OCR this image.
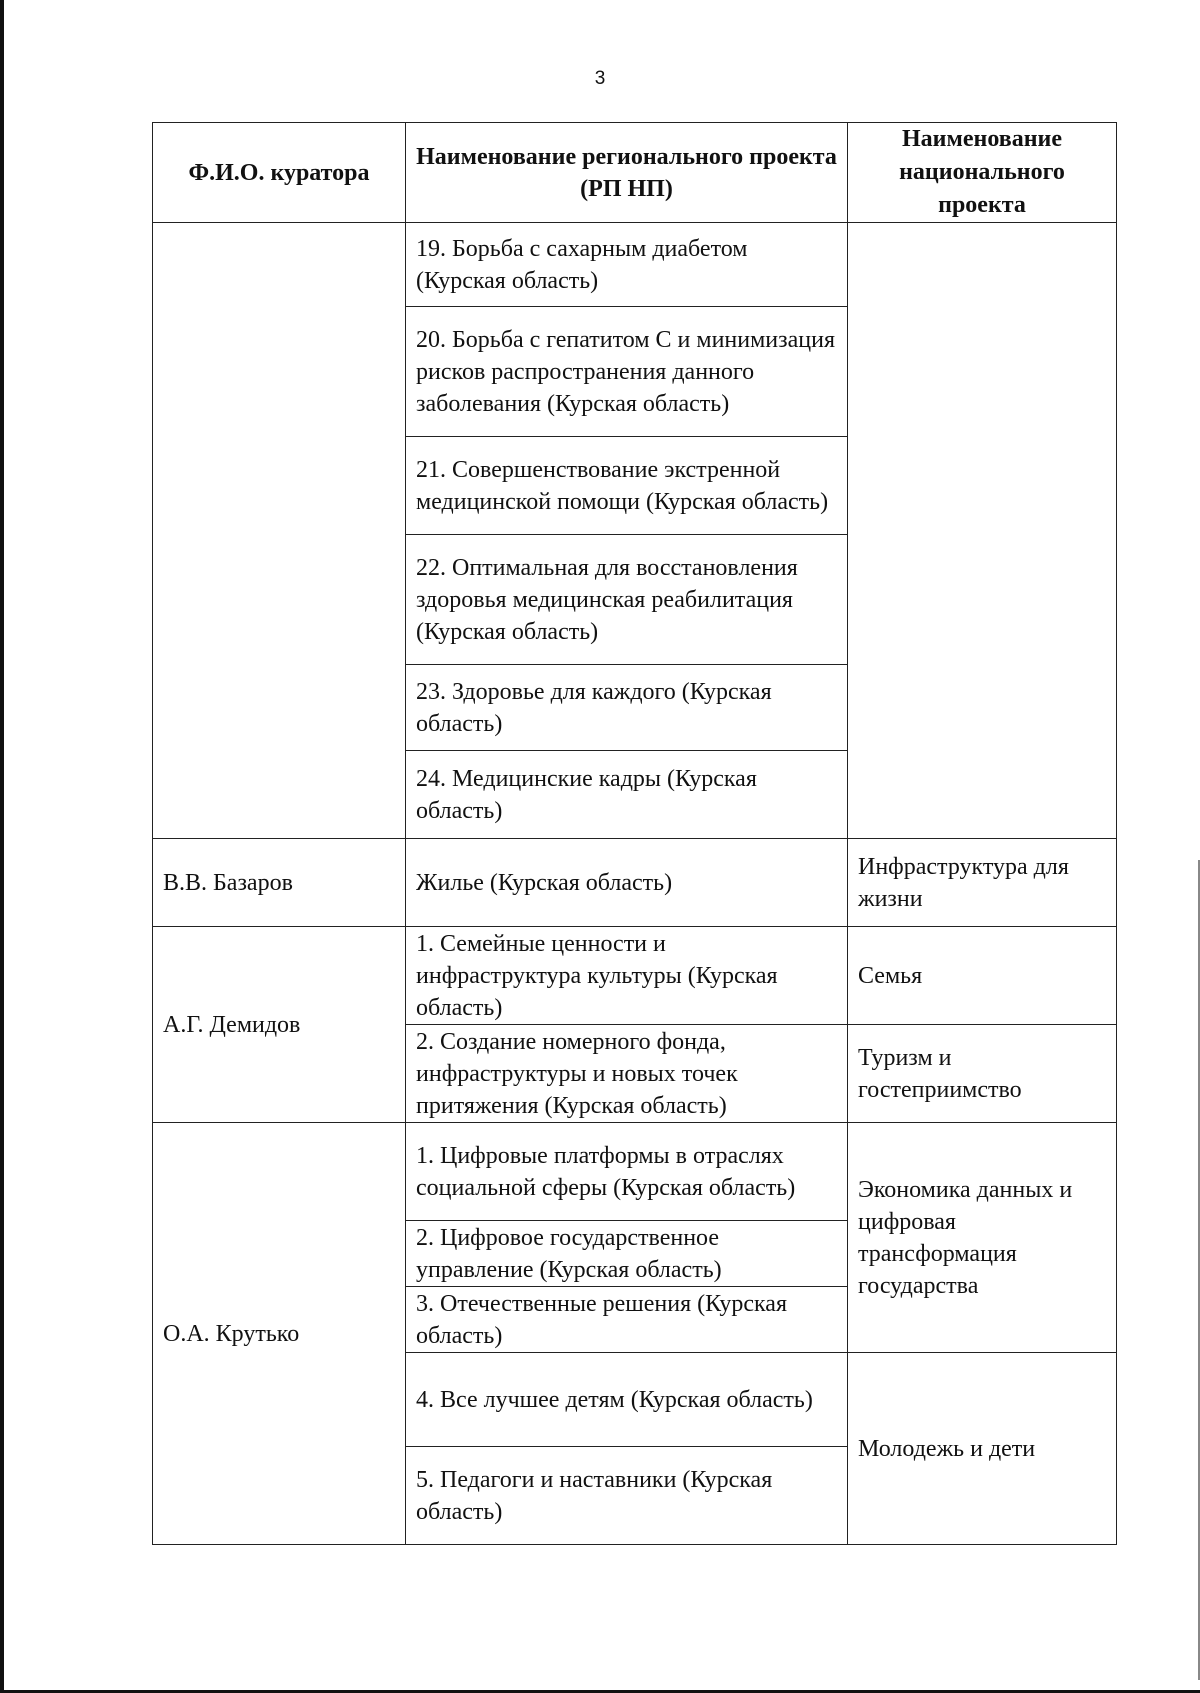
3
Ф.И.О. куратора	Наименование регионального проекта (РП НП)	Наименование национального проекта
	19. Борьба с сахарным диабетом (Курская область)	
	20. Борьба с гепатитом С и минимизация рисков распространения данного заболевания (Курская область)	
	21. Совершенствование экстренной медицинской помощи (Курская область)	
	22. Оптимальная для восстановления здоровья медицинская реабилитация (Курская область)	
	23. Здоровье для каждого (Курская область)	
	24. Медицинские кадры (Курская область)	
В.В. Базаров	Жилье (Курская область)	Инфраструктура для жизни
А.Г. Демидов	1. Семейные ценности и инфраструктура культуры (Курская область)	Семья
	2. Создание номерного фонда, инфраструктуры и новых точек притяжения (Курская область)	Туризм и гостеприимство
О.А. Крутько	1. Цифровые платформы в отраслях социальной сферы (Курская область)	Экономика данных и цифровая трансформация государства
	2. Цифровое государственное управление (Курская область)	
	3. Отечественные решения (Курская область)	
	4. Все лучшее детям (Курская область)	Молодежь и дети
	5. Педагоги и наставники (Курская область)	
